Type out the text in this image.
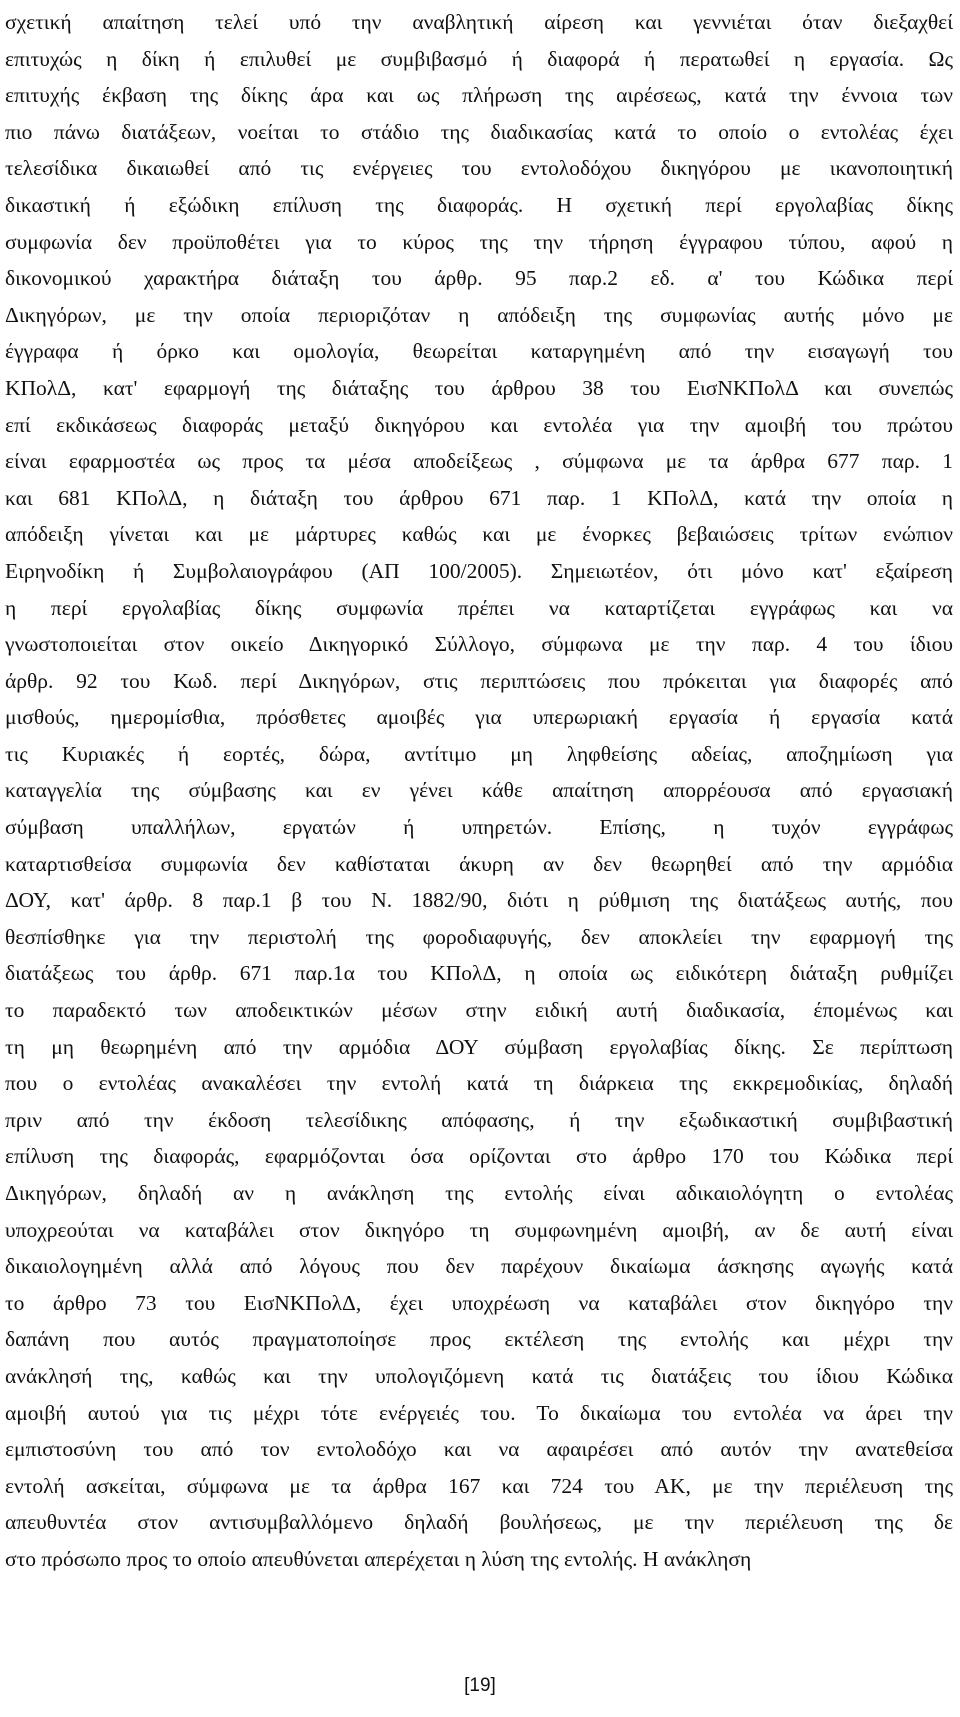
σχετική απαίτηση τελεί υπό την αναβλητική αίρεση και γεννιέται όταν διεξαχθεί
επιτυχώς η δίκη ή επιλυθεί με συμβιβασμό ή διαφορά ή περατωθεί η εργασία. Ως
επιτυχής έκβαση της δίκης άρα και ως πλήρωση της αιρέσεως, κατά την έννοια των
πιο πάνω διατάξεων, νοείται το στάδιο της διαδικασίας κατά το οποίο ο εντολέας έχει
τελεσίδικα δικαιωθεί από τις ενέργειες του εντολοδόχου δικηγόρου με ικανοποιητική
δικαστική ή εξώδικη επίλυση της διαφοράς. Η σχετική περί εργολαβίας δίκης
συμφωνία δεν προϋποθέτει για το κύρος της την τήρηση έγγραφου τύπου, αφού η
δικονομικού χαρακτήρα διάταξη του άρθρ. 95 παρ.2 εδ. α' του Κώδικα περί
Δικηγόρων, με την οποία περιοριζόταν η απόδειξη της συμφωνίας αυτής μόνο με
έγγραφα ή όρκο και ομολογία, θεωρείται καταργημένη από την εισαγωγή του
ΚΠολΔ, κατ' εφαρμογή της διάταξης του άρθρου 38 του ΕισΝΚΠολΔ και συνεπώς
επί εκδικάσεως διαφοράς μεταξύ δικηγόρου και εντολέα για την αμοιβή του πρώτου
είναι εφαρμοστέα ως προς τα μέσα αποδείξεως , σύμφωνα με τα άρθρα 677 παρ. 1
και 681 ΚΠολΔ, η διάταξη του άρθρου 671 παρ. 1 ΚΠολΔ, κατά την οποία η
απόδειξη γίνεται και με μάρτυρες καθώς και με ένορκες βεβαιώσεις τρίτων ενώπιον
Ειρηνοδίκη ή Συμβολαιογράφου (ΑΠ 100/2005). Σημειωτέον, ότι μόνο κατ' εξαίρεση
η περί εργολαβίας δίκης συμφωνία πρέπει να καταρτίζεται εγγράφως και να
γνωστοποιείται στον οικείο Δικηγορικό Σύλλογο, σύμφωνα με την παρ. 4 του ίδιου
άρθρ. 92 του Κωδ. περί Δικηγόρων, στις περιπτώσεις που πρόκειται για διαφορές από
μισθούς, ημερομίσθια, πρόσθετες αμοιβές για υπερωριακή εργασία ή εργασία κατά
τις Κυριακές ή εορτές, δώρα, αντίτιμο μη ληφθείσης αδείας, αποζημίωση για
καταγγελία της σύμβασης και εν γένει κάθε απαίτηση απορρέουσα από εργασιακή
σύμβαση υπαλλήλων, εργατών ή υπηρετών. Επίσης, η τυχόν εγγράφως
καταρτισθείσα συμφωνία δεν καθίσταται άκυρη αν δεν θεωρηθεί από την αρμόδια
ΔΟΥ, κατ' άρθρ. 8 παρ.1 β του Ν. 1882/90, διότι η ρύθμιση της διατάξεως αυτής, που
θεσπίσθηκε για την περιστολή της φοροδιαφυγής, δεν αποκλείει την εφαρμογή της
διατάξεως του άρθρ. 671 παρ.1α του ΚΠολΔ, η οποία ως ειδικότερη διάταξη ρυθμίζει
το παραδεκτό των αποδεικτικών μέσων στην ειδική αυτή διαδικασία, έπομένως και
τη μη θεωρημένη από την αρμόδια ΔΟΥ σύμβαση εργολαβίας δίκης. Σε περίπτωση
που ο εντολέας ανακαλέσει την εντολή κατά τη διάρκεια της εκκρεμοδικίας, δηλαδή
πριν από την έκδοση τελεσίδικης απόφασης, ή την εξωδικαστική συμβιβαστική
επίλυση της διαφοράς, εφαρμόζονται όσα ορίζονται στο άρθρο 170 του Κώδικα περί
Δικηγόρων, δηλαδή αν η ανάκληση της εντολής είναι αδικαιολόγητη ο εντολέας
υποχρεούται να καταβάλει στον δικηγόρο τη συμφωνημένη αμοιβή, αν δε αυτή είναι
δικαιολογημένη αλλά από λόγους που δεν παρέχουν δικαίωμα άσκησης αγωγής κατά
το άρθρο 73 του ΕισΝΚΠολΔ, έχει υποχρέωση να καταβάλει στον δικηγόρο την
δαπάνη που αυτός πραγματοποίησε προς εκτέλεση της εντολής και μέχρι την
ανάκλησή της, καθώς και την υπολογιζόμενη κατά τις διατάξεις του ίδιου Κώδικα
αμοιβή αυτού για τις μέχρι τότε ενέργειές του. Το δικαίωμα του εντολέα να άρει την
εμπιστοσύνη του από τον εντολοδόχο και να αφαιρέσει από αυτόν την ανατεθείσα
εντολή ασκείται, σύμφωνα με τα άρθρα 167 και 724 του ΑΚ, με την περιέλευση της
απευθυντέα στον αντισυμβαλλόμενο δηλαδή βουλήσεως, με την περιέλευση της δε
στο πρόσωπο προς το οποίο απευθύνεται απερέχεται η λύση της εντολής. Η ανάκληση
[19]
